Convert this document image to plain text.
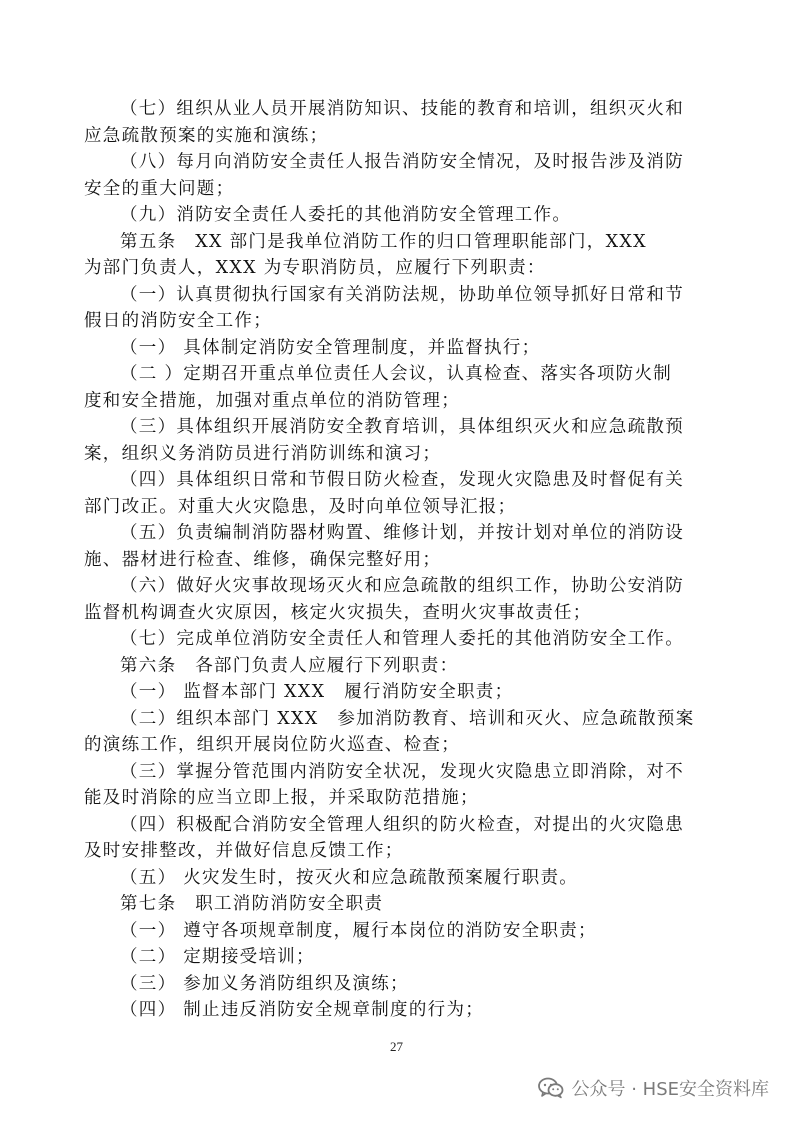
（七）组织从业人员开展消防知识、技能的教育和培训，组织灭火和
应急疏散预案的实施和演练；
（八）每月向消防安全责任人报告消防安全情况，及时报告涉及消防
安全的重大问题；
（九）消防安全责任人委托的其他消防安全管理工作。
第五条　XX 部门是我单位消防工作的归口管理职能部门，XXX
为部门负责人，XXX 为专职消防员，应履行下列职责：
（一）认真贯彻执行国家有关消防法规，协助单位领导抓好日常和节
假日的消防安全工作；
（一） 具体制定消防安全管理制度，并监督执行；
（二 ）定期召开重点单位责任人会议，认真检查、落实各项防火制
度和安全措施，加强对重点单位的消防管理；
（三）具体组织开展消防安全教育培训，具体组织灭火和应急疏散预
案，组织义务消防员进行消防训练和演习；
（四）具体组织日常和节假日防火检查，发现火灾隐患及时督促有关
部门改正。对重大火灾隐患，及时向单位领导汇报；
（五）负责编制消防器材购置、维修计划，并按计划对单位的消防设
施、器材进行检查、维修，确保完整好用；
（六）做好火灾事故现场灭火和应急疏散的组织工作，协助公安消防
监督机构调查火灾原因，核定火灾损失，查明火灾事故责任；
（七）完成单位消防安全责任人和管理人委托的其他消防安全工作。
第六条　各部门负责人应履行下列职责：
（一） 监督本部门 XXX　履行消防安全职责；
（二）组织本部门 XXX　参加消防教育、培训和灭火、应急疏散预案
的演练工作，组织开展岗位防火巡查、检查；
（三）掌握分管范围内消防安全状况，发现火灾隐患立即消除，对不
能及时消除的应当立即上报，并采取防范措施；
（四）积极配合消防安全管理人组织的防火检查，对提出的火灾隐患
及时安排整改，并做好信息反馈工作；
（五） 火灾发生时，按灭火和应急疏散预案履行职责。
第七条　职工消防消防安全职责
（一） 遵守各项规章制度，履行本岗位的消防安全职责；
（二） 定期接受培训；
（三） 参加义务消防组织及演练；
（四） 制止违反消防安全规章制度的行为；
27
公众号 · HSE安全资料库
